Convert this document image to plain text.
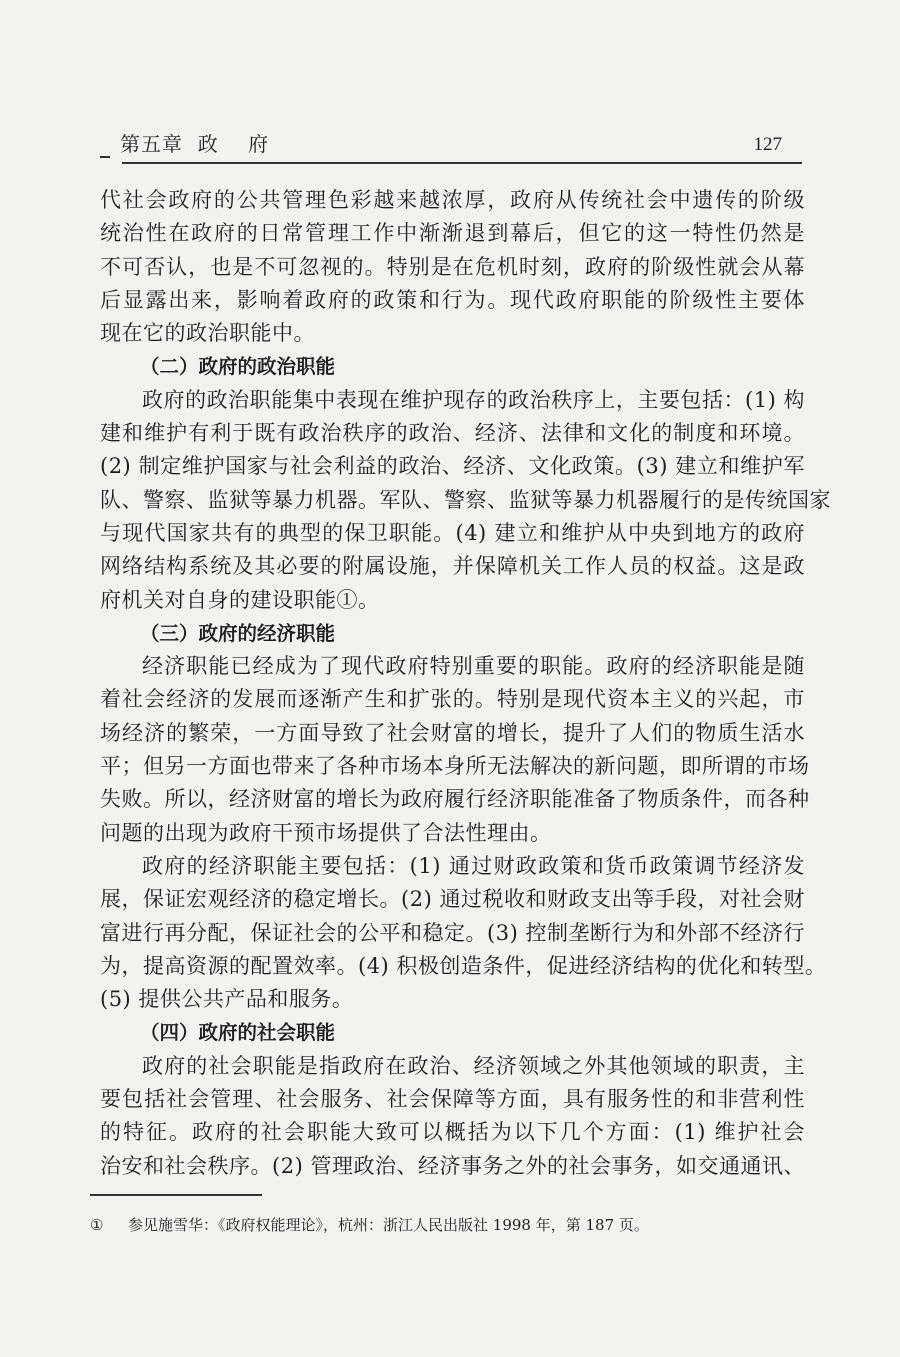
第五章  政    府	127
代社会政府的公共管理色彩越来越浓厚，政府从传统社会中遗传的阶级
统治性在政府的日常管理工作中渐渐退到幕后，但它的这一特性仍然是
不可否认，也是不可忽视的。特别是在危机时刻，政府的阶级性就会从幕
后显露出来，影响着政府的政策和行为。现代政府职能的阶级性主要体
现在它的政治职能中。
（二）政府的政治职能
政府的政治职能集中表现在维护现存的政治秩序上，主要包括：(1) 构
建和维护有利于既有政治秩序的政治、经济、法律和文化的制度和环境。
(2) 制定维护国家与社会利益的政治、经济、文化政策。(3) 建立和维护军
队、警察、监狱等暴力机器。军队、警察、监狱等暴力机器履行的是传统国家
与现代国家共有的典型的保卫职能。(4) 建立和维护从中央到地方的政府
网络结构系统及其必要的附属设施，并保障机关工作人员的权益。这是政
府机关对自身的建设职能①。
（三）政府的经济职能
经济职能已经成为了现代政府特别重要的职能。政府的经济职能是随
着社会经济的发展而逐渐产生和扩张的。特别是现代资本主义的兴起，市
场经济的繁荣，一方面导致了社会财富的增长，提升了人们的物质生活水
平；但另一方面也带来了各种市场本身所无法解决的新问题，即所谓的市场
失败。所以，经济财富的增长为政府履行经济职能准备了物质条件，而各种
问题的出现为政府干预市场提供了合法性理由。
政府的经济职能主要包括：(1) 通过财政政策和货币政策调节经济发
展，保证宏观经济的稳定增长。(2) 通过税收和财政支出等手段，对社会财
富进行再分配，保证社会的公平和稳定。(3) 控制垄断行为和外部不经济行
为，提高资源的配置效率。(4) 积极创造条件，促进经济结构的优化和转型。
(5) 提供公共产品和服务。
（四）政府的社会职能
政府的社会职能是指政府在政治、经济领域之外其他领域的职责，主
要包括社会管理、社会服务、社会保障等方面，具有服务性的和非营利性
的特征。政府的社会职能大致可以概括为以下几个方面：(1) 维护社会
治安和社会秩序。(2) 管理政治、经济事务之外的社会事务，如交通通讯、
① 参见施雪华：《政府权能理论》，杭州：浙江人民出版社 1998 年，第 187 页。
